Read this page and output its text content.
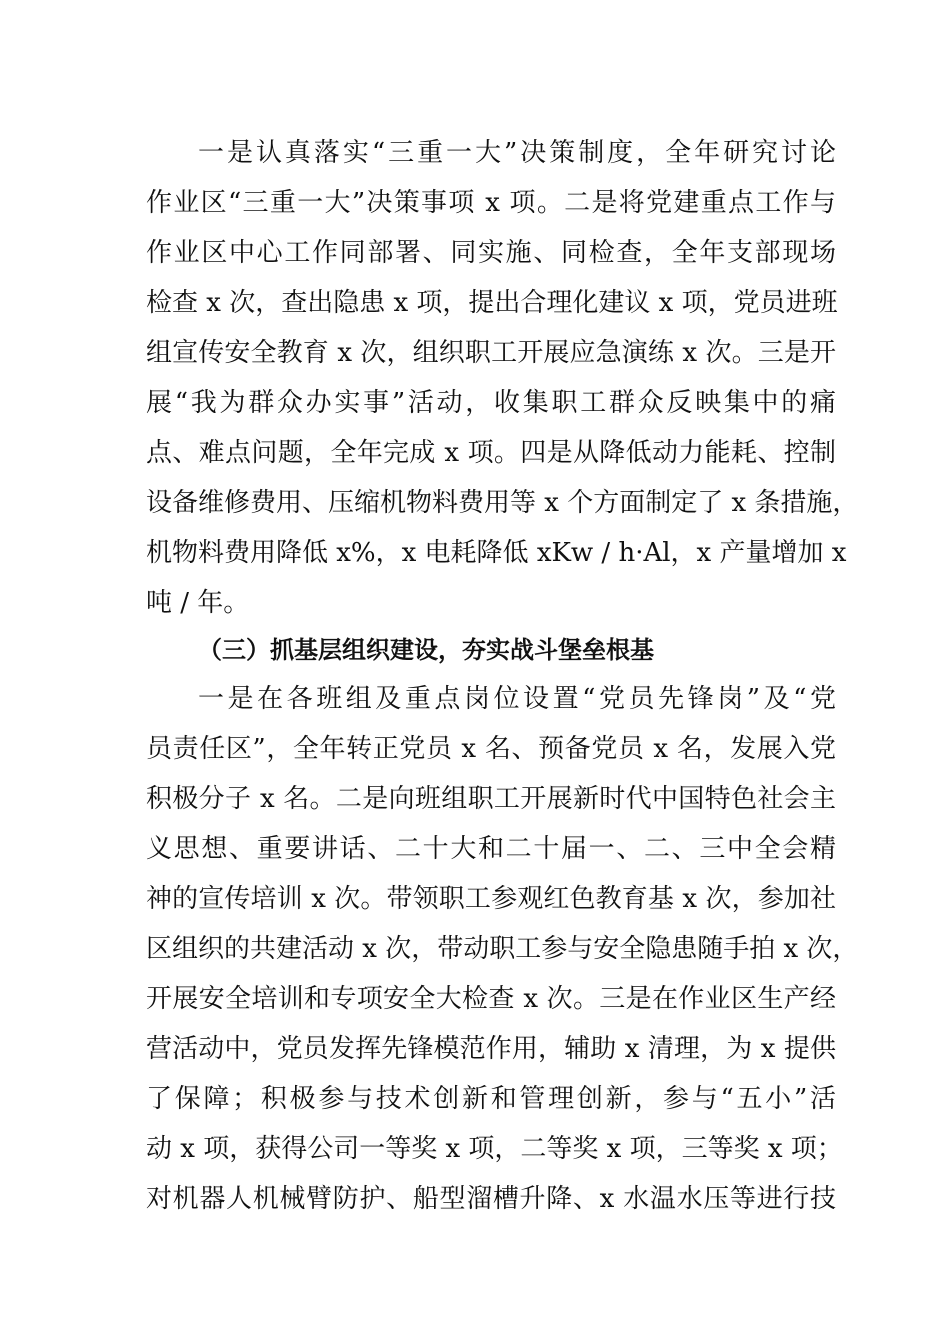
一是认真落实“三重一大”决策制度，全年研究讨论
作业区“三重一大”决策事项 x 项。二是将党建重点工作与
作业区中心工作同部署、同实施、同检查，全年支部现场
检查 x 次，查出隐患 x 项，提出合理化建议 x 项，党员进班
组宣传安全教育 x 次，组织职工开展应急演练 x 次。三是开
展“我为群众办实事”活动，收集职工群众反映集中的痛
点、难点问题，全年完成 x 项。四是从降低动力能耗、控制
设备维修费用、压缩机物料费用等 x 个方面制定了 x 条措施，
机物料费用降低 x%，x 电耗降低 xKw / h·Al，x 产量增加 x
吨 / 年。
（三）抓基层组织建设，夯实战斗堡垒根基
一是在各班组及重点岗位设置“党员先锋岗”及“党
员责任区”，全年转正党员 x 名、预备党员 x 名，发展入党
积极分子 x 名。二是向班组职工开展新时代中国特色社会主
义思想、重要讲话、二十大和二十届一、二、三中全会精
神的宣传培训 x 次。带领职工参观红色教育基 x 次，参加社
区组织的共建活动 x 次，带动职工参与安全隐患随手拍 x 次，
开展安全培训和专项安全大检查 x 次。三是在作业区生产经
营活动中，党员发挥先锋模范作用，辅助 x 清理，为 x 提供
了保障；积极参与技术创新和管理创新，参与“五小”活
动 x 项，获得公司一等奖 x 项，二等奖 x 项，三等奖 x 项；
对机器人机械臂防护、船型溜槽升降、x 水温水压等进行技
